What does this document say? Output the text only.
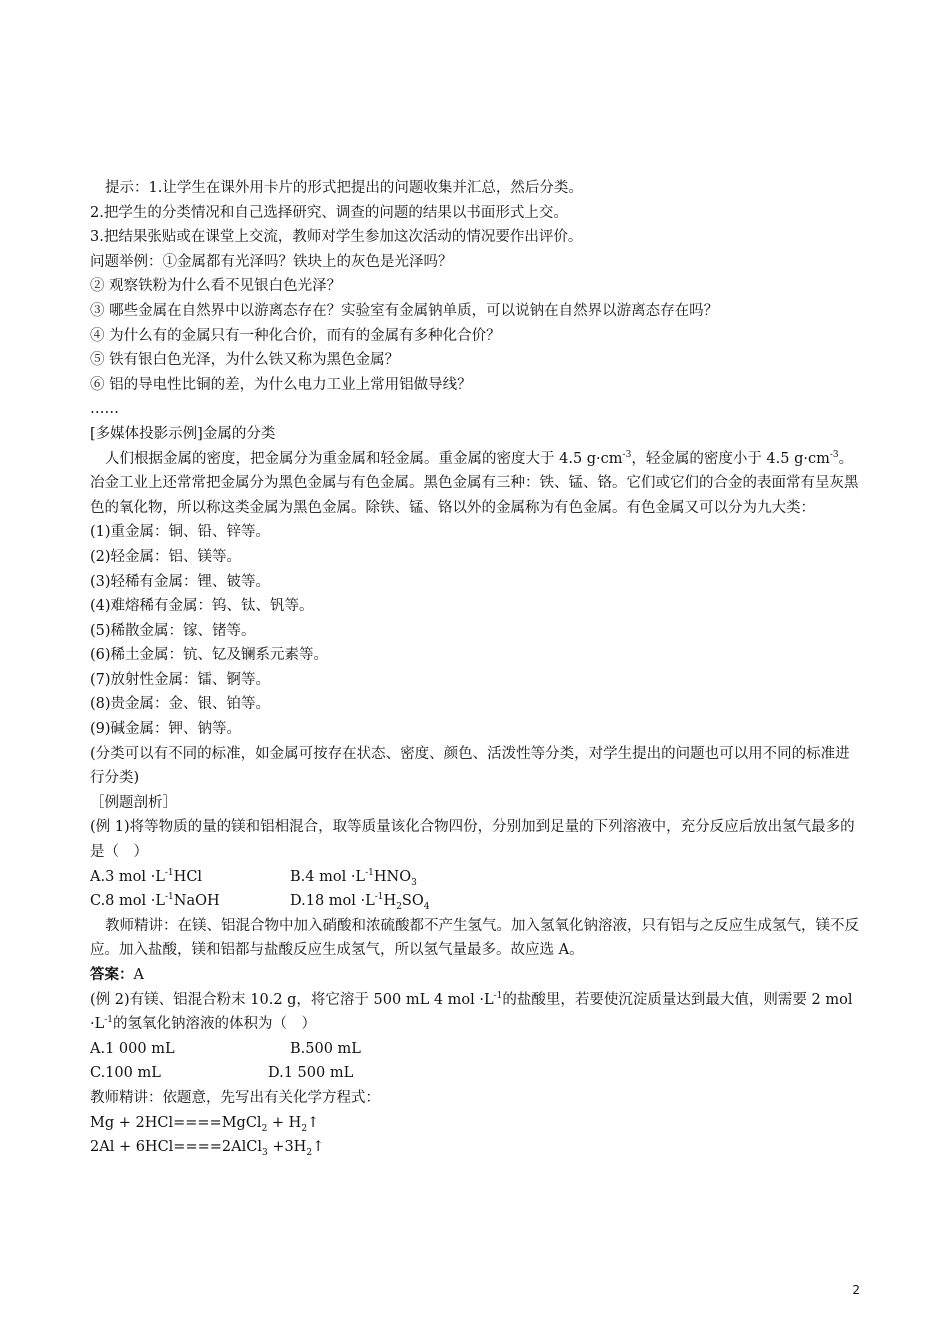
提示：1.让学生在课外用卡片的形式把提出的问题收集并汇总，然后分类。

2.把学生的分类情况和自己选择研究、调查的问题的结果以书面形式上交。

3.把结果张贴或在课堂上交流，教师对学生参加这次活动的情况要作出评价。

问题举例：①金属都有光泽吗？铁块上的灰色是光泽吗？

② 观察铁粉为什么看不见银白色光泽？

③ 哪些金属在自然界中以游离态存在？实验室有金属钠单质，可以说钠在自然界以游离态存在吗？

④ 为什么有的金属只有一种化合价，而有的金属有多种化合价？

⑤ 铁有银白色光泽，为什么铁又称为黑色金属？

⑥ 铝的导电性比铜的差，为什么电力工业上常用铝做导线？

……

[多媒体投影示例]金属的分类

人们根据金属的密度，把金属分为重金属和轻金属。重金属的密度大于 4.5 $g\cdot cm^{-3}$，轻金属的密度小于 4.5 $g\cdot cm^{-3}$。冶金工业上还常常把金属分为黑色金属与有色金属。黑色金属有三种：铁、锰、铬。它们或它们的合金的表面常有呈灰黑色的氧化物，所以称这类金属为黑色金属。除铁、锰、铬以外的金属称为有色金属。有色金属又可以分为九大类：

(1)重金属：铜、铅、锌等。

(2)轻金属：铝、镁等。

(3)轻稀有金属：锂、铍等。

(4)难熔稀有金属：钨、钛、钒等。

(5)稀散金属：镓、锗等。

(6)稀土金属：钪、钇及镧系元素等。

(7)放射性金属：镭、锕等。

(8)贵金属：金、银、铂等。

(9)碱金属：钾、钠等。

(分类可以有不同的标准，如金属可按存在状态、密度、颜色、活泼性等分类，对学生提出的问题也可以用不同的标准进行分类)

［例题剖析］

(例 1)将等物质的量的镁和铝相混合，取等质量该化合物四份，分别加到足量的下列溶液中，充分反应后放出氢气最多的是（　）

A.3 mol $\cdot L^{-1}HCl$	B.4 mol $\cdot L^{-1}HNO_3$
C.8 mol $\cdot L^{-1}NaOH$	D.18 mol $\cdot L^{-1}H_2SO_4$

教师精讲：在镁、铝混合物中加入硝酸和浓硫酸都不产生氢气。加入氢氧化钠溶液，只有铝与之反应生成氢气，镁不反应。加入盐酸，镁和铝都与盐酸反应生成氢气，所以氢气量最多。故应选 A。

答案：A

(例 2)有镁、铝混合粉末 10.2 g，将它溶于 500 mL 4 mol $\cdot L^{-1}$的盐酸里，若要使沉淀质量达到最大值，则需要 2 mol $\cdot L^{-1}$的氢氧化钠溶液的体积为（　）

A.1 000 mL	B.500 mL
C.100 mL	D.1 500 mL

教师精讲：依题意，先写出有关化学方程式：

Mg + 2HCl====MgCl$_2$ + $H_2↑$

2Al + 6HCl====2AlCl$_3$ $+3H_2↑$

2
